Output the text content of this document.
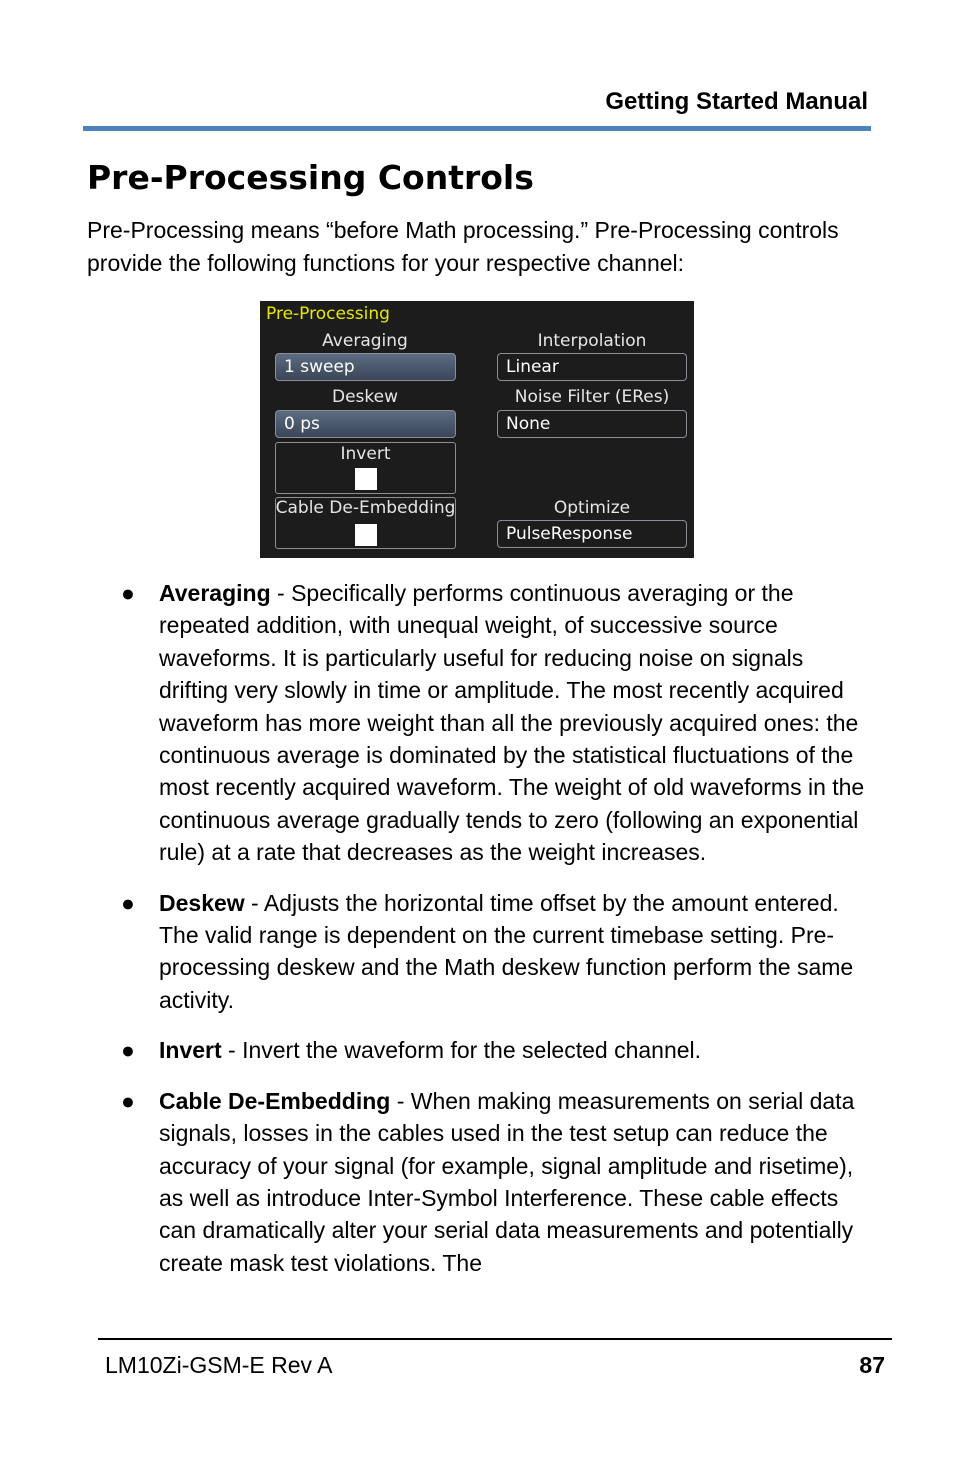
Getting Started Manual
Pre-Processing Controls

Pre-Processing means “before Math processing.” Pre-Processing controls provide the following functions for your respective channel:

Pre-Processing
Averaging
1 sweep
Interpolation
Linear
Deskew
0 ps
Noise Filter (ERes)
None
Invert
Cable De-Embedding	Optimize
PulseResponse
● Averaging - Specifically performs continuous averaging or the repeated addition, with unequal weight, of successive source waveforms. It is particularly useful for reducing noise on signals drifting very slowly in time or amplitude. The most recently acquired waveform has more weight than all the previously acquired ones: the continuous average is dominated by the statistical fluctuations of the most recently acquired waveform. The weight of old waveforms in the continuous average gradually tends to zero (following an exponential rule) at a rate that decreases as the weight increases.
● Deskew - Adjusts the horizontal time offset by the amount entered. The valid range is dependent on the current timebase setting. Pre-processing deskew and the Math deskew function perform the same activity.
● Invert - Invert the waveform for the selected channel.
● Cable De-Embedding - When making measurements on serial data signals, losses in the cables used in the test setup can reduce the accuracy of your signal (for example, signal amplitude and risetime), as well as introduce Inter-Symbol Interference. These cable effects can dramatically alter your serial data measurements and potentially create mask test violations. The
LM10Zi-GSM-E Rev A	87
